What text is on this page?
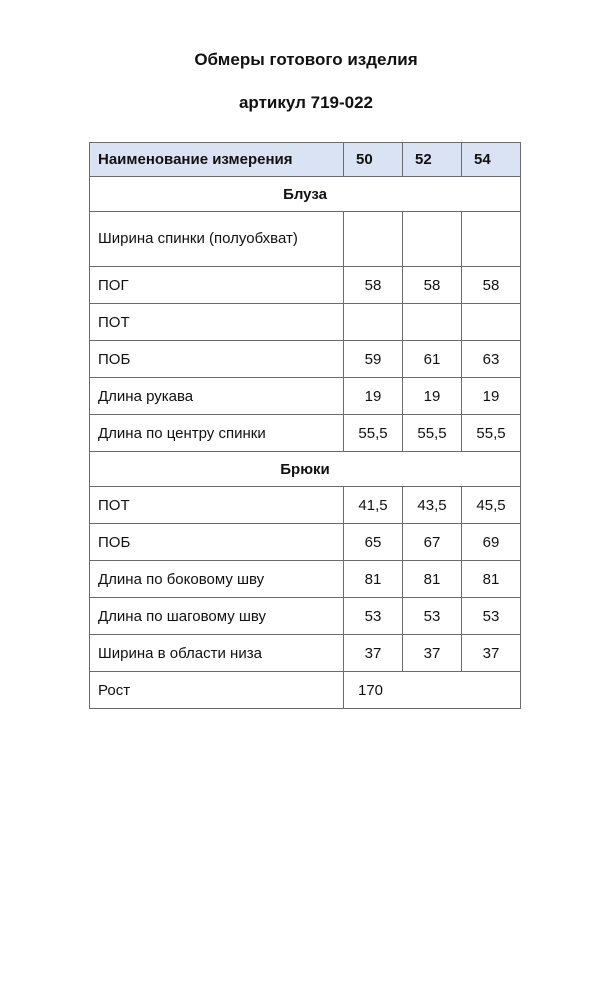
Обмеры готового изделия
артикул 719-022
Наименование измерения	50	52	54
Блуза			
Ширина спинки (полуобхват)			
ПОГ	58	58	58
ПОТ			
ПОБ	59	61	63
Длина рукава	19	19	19
Длина по центру спинки	55,5	55,5	55,5
Брюки			
ПОТ	41,5	43,5	45,5
ПОБ	65	67	69
Длина по боковому шву	81	81	81
Длина по шаговому шву	53	53	53
Ширина в области низа	37	37	37
Рост	170		
